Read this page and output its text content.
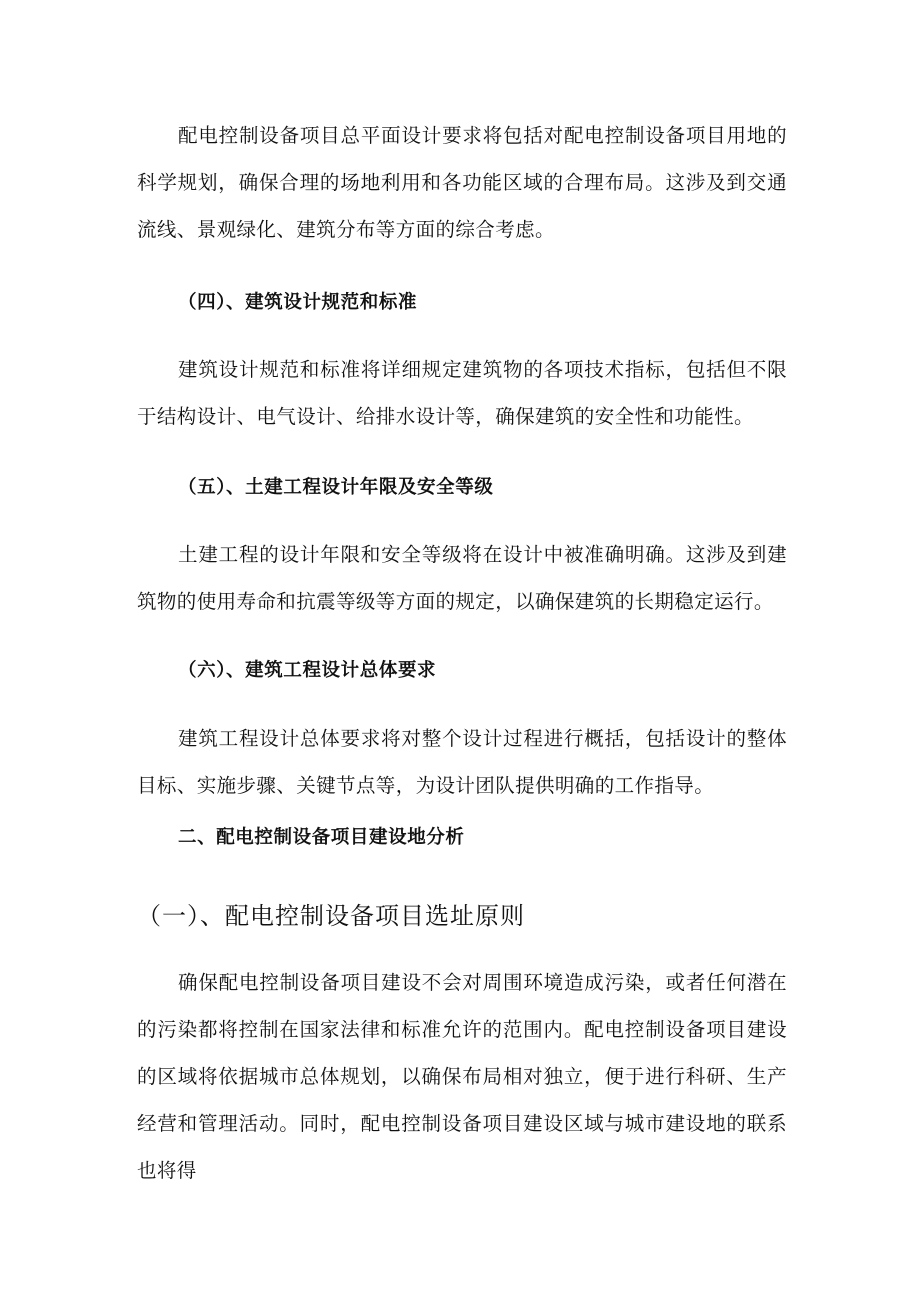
配电控制设备项目总平面设计要求将包括对配电控制设备项目用地的科学规划，确保合理的场地利用和各功能区域的合理布局。这涉及到交通流线、景观绿化、建筑分布等方面的综合考虑。

（四）、建筑设计规范和标准

建筑设计规范和标准将详细规定建筑物的各项技术指标，包括但不限于结构设计、电气设计、给排水设计等，确保建筑的安全性和功能性。

（五）、土建工程设计年限及安全等级

土建工程的设计年限和安全等级将在设计中被准确明确。这涉及到建筑物的使用寿命和抗震等级等方面的规定，以确保建筑的长期稳定运行。

（六）、建筑工程设计总体要求

建筑工程设计总体要求将对整个设计过程进行概括，包括设计的整体目标、实施步骤、关键节点等，为设计团队提供明确的工作指导。

二、配电控制设备项目建设地分析
（一）、配电控制设备项目选址原则

确保配电控制设备项目建设不会对周围环境造成污染，或者任何潜在的污染都将控制在国家法律和标准允许的范围内。配电控制设备项目建设的区域将依据城市总体规划，以确保布局相对独立，便于进行科研、生产经营和管理活动。同时，配电控制设备项目建设区域与城市建设地的联系也将得
